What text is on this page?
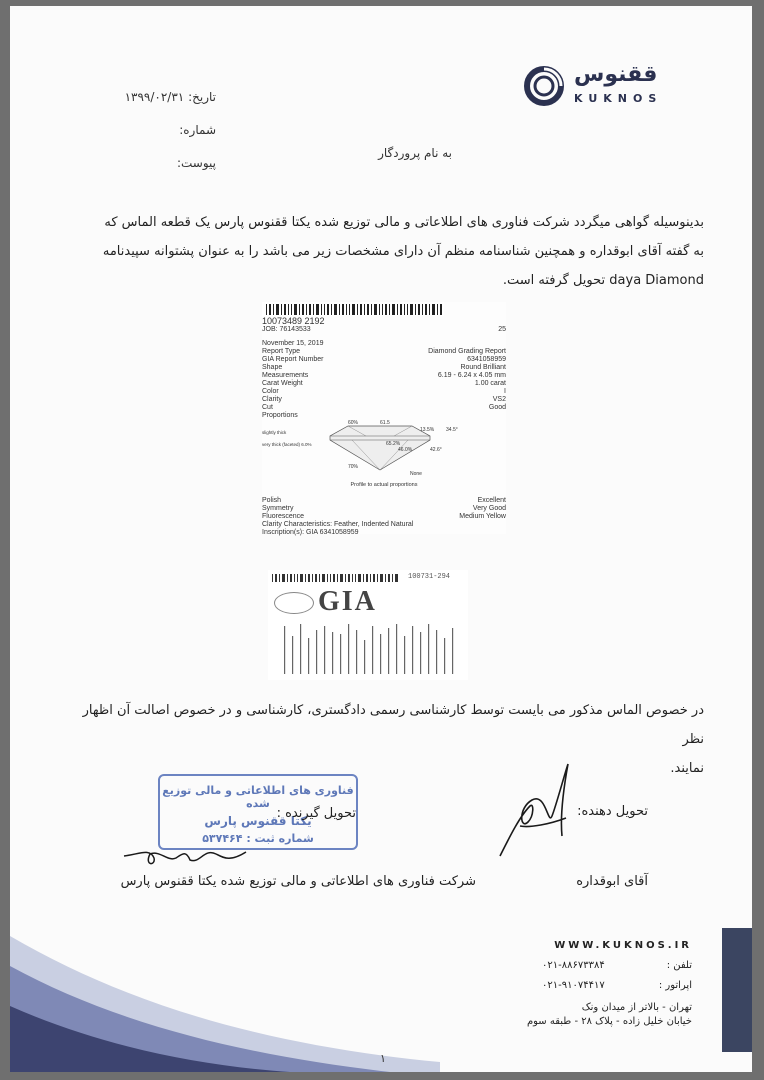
ققنوس
KUKNOS
تاریخ: ۱۳۹۹/۰۲/۳۱
شماره:
پیوست:
به نام پروردگار
بدینوسیله گواهی میگردد شرکت فناوری های اطلاعاتی و مالی توزیع شده یکتا ققنوس پارس یک قطعه الماس که
به گفته آقای ابوقداره و همچنین شناسنامه منظم آن دارای مشخصات زیر می باشد را به عنوان پشتوانه سپیدنامه
daya Diamond تحویل گرفته است.
10073489 2192
JOB: 76143533	25
November 15, 2019
Report Type	Diamond Grading Report
GIA Report Number	6341058959
Shape	Round Brilliant
Measurements	6.19 - 6.24 x 4.05 mm
Carat Weight	1.00 carat
Color	I
Clarity	VS2
Cut	Good
Proportions
60%	61.5
13.5% 34.5°
65.2%
46.0%	42.6°
70%
slightly thick
very thick (faceted) 6.0%
None
Profile to actual proportions
Polish	Excellent
Symmetry	Very Good
Fluorescence	Medium Yellow
Clarity Characteristics: Feather, Indented Natural
Inscription(s): GIA 6341058959
100731-294
GIA
در خصوص الماس مذکور می بایست توسط کارشناسی رسمی دادگستری، کارشناسی و در خصوص اصالت آن اظهار نظر
نمایند.
فناوری های اطلاعاتی و مالی توزیع شده
یکتا ققنوس پارس
شماره ثبت : ۵۳۷۴۶۴
تحویل گیرنده :	تحویل دهنده:
آقای ابوقداره
شرکت فناوری های اطلاعاتی و مالی توزیع شده یکتا ققنوس پارس
WWW.KUKNOS.IR
تلفن :
۰۲۱-۸۸۶۷۳۳۸۴
اپراتور :
۰۲۱-۹۱۰۷۴۴۱۷
تهران - بالاتر از میدان ونک
خیابان خلیل زاده - پلاک ۲۸ - طبقه سوم
۱
